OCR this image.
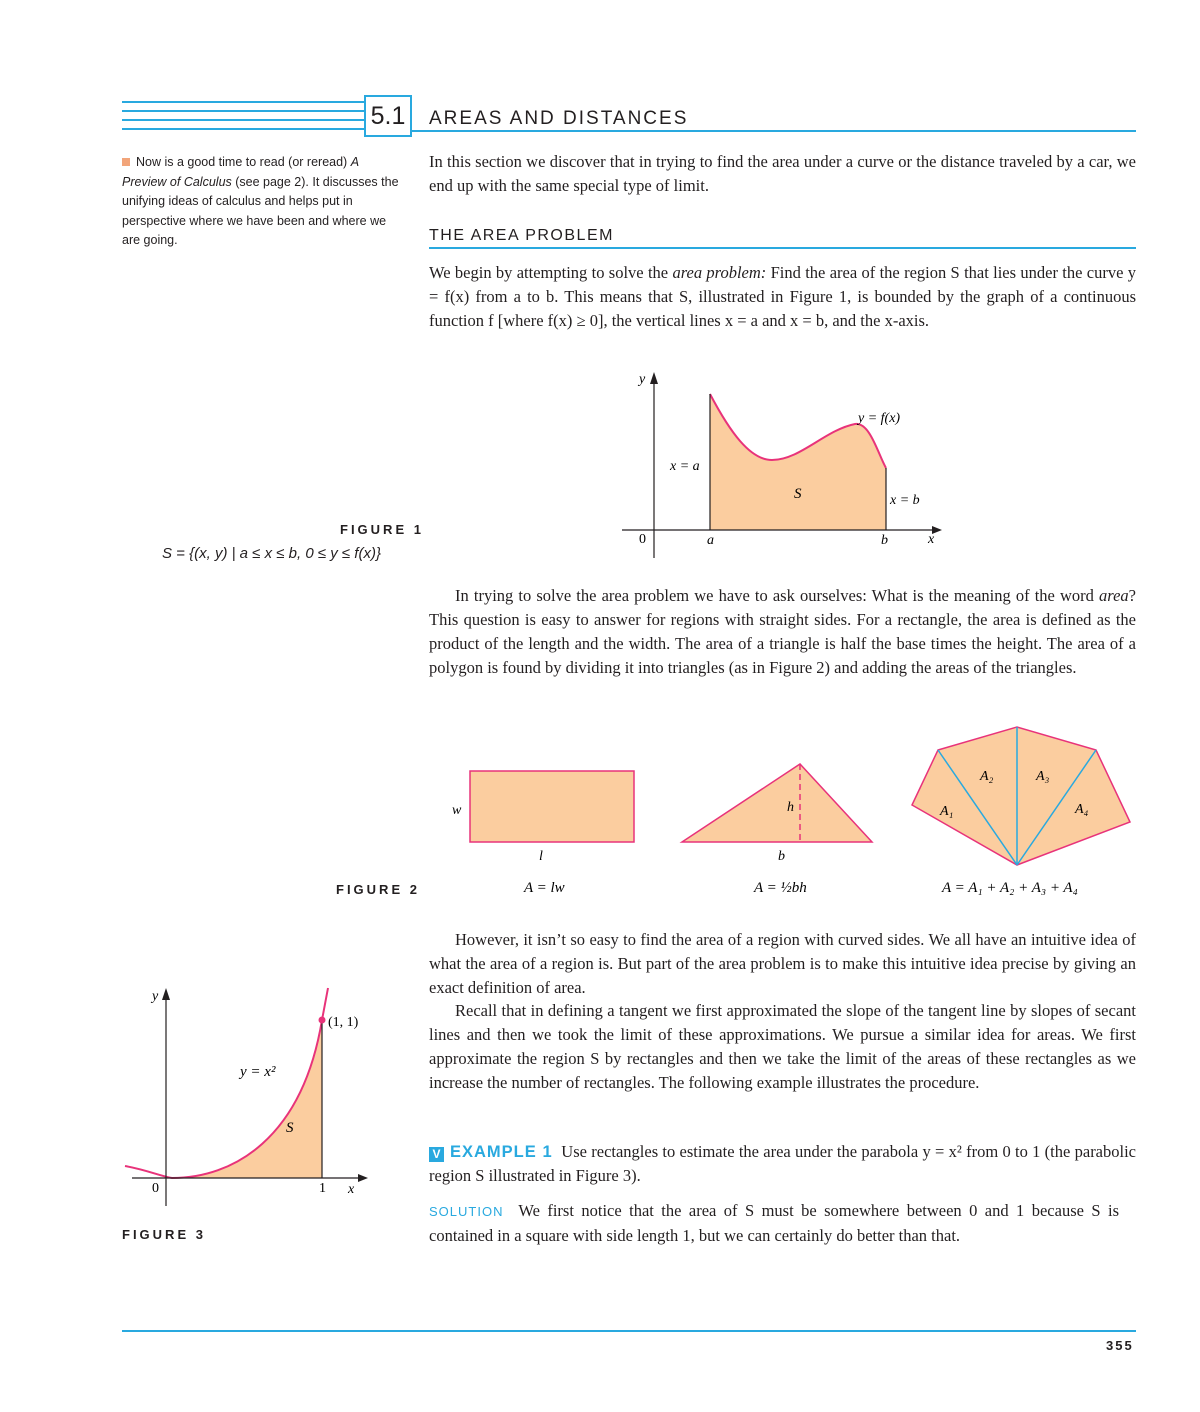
5.1	AREAS AND DISTANCES
Now is a good time to read (or reread) A Preview of Calculus (see page 2). It discusses the unifying ideas of calculus and helps put in perspective where we have been and where we are going.

In this section we discover that in trying to find the area under a curve or the distance traveled by a car, we end up with the same special type of limit.

THE AREA PROBLEM

We begin by attempting to solve the area problem: Find the area of the region S that lies under the curve y = f(x) from a to b. This means that S, illustrated in Figure 1, is bounded by the graph of a continuous function f [where f(x) ≥ 0], the vertical lines x = a and x = b, and the x-axis.

y
x
0	a	b
y = f(x)
x = a
x = b
S
FIGURE 1
S = {(x, y) | a ≤ x ≤ b, 0 ≤ y ≤ f(x)}

In trying to solve the area problem we have to ask ourselves: What is the meaning of the word area? This question is easy to answer for regions with straight sides. For a rectangle, the area is defined as the product of the length and the width. The area of a triangle is half the base times the height. The area of a polygon is found by dividing it into triangles (as in Figure 2) and adding the areas of the triangles.

w
l
A = lw
h
b
A = ½bh
A₁
A₂	A₃
A₄
A = A₁ + A₂ + A₃ + A₄
FIGURE 2

However, it isn’t so easy to find the area of a region with curved sides. We all have an intuitive idea of what the area of a region is. But part of the area problem is to make this intuitive idea precise by giving an exact definition of area.

Recall that in defining a tangent we first approximated the slope of the tangent line by slopes of secant lines and then we took the limit of these approximations. We pursue a similar idea for areas. We first approximate the region S by rectangles and then we take the limit of the areas of these rectangles as we increase the number of rectangles. The following example illustrates the procedure.

V EXAMPLE 1 Use rectangles to estimate the area under the parabola y = x² from 0 to 1 (the parabolic region S illustrated in Figure 3).

SOLUTION We first notice that the area of S must be somewhere between 0 and 1 because S is contained in a square with side length 1, but we can certainly do better than that.

y
x
0	1
(1, 1)
y = x²
S
FIGURE 3
355
